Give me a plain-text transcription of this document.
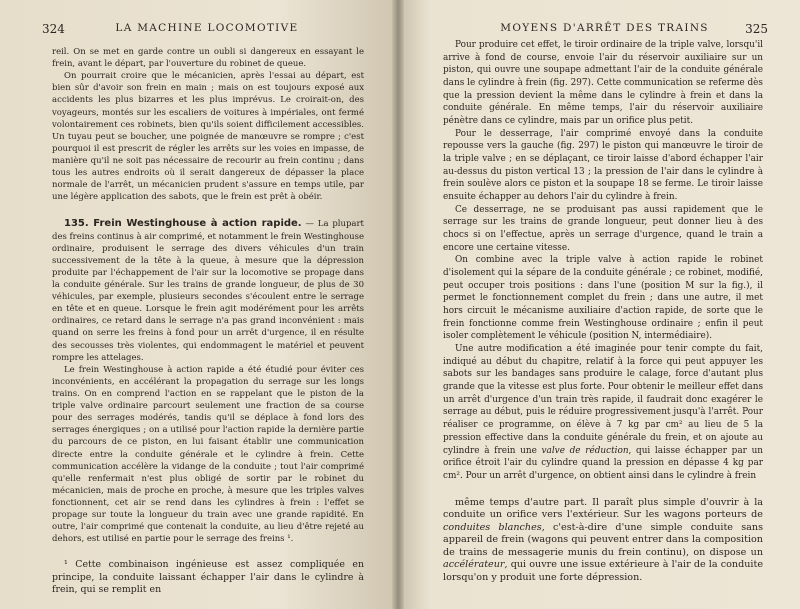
324	LA MACHINE LOCOMOTIVE

reil. On se met en garde contre un oubli si dangereux en essayant le frein, avant le départ, par l'ouverture du robinet de queue.

On pourrait croire que le mécanicien, après l'essai au départ, est bien sûr d'avoir son frein en main ; mais on est toujours exposé aux accidents les plus bizarres et les plus imprévus. Le croirait-on, des voyageurs, montés sur les escaliers de voitures à impériales, ont fermé volontairement ces robinets, bien qu'ils soient difficilement accessibles. Un tuyau peut se boucher, une poignée de manœuvre se rompre ; c'est pourquoi il est prescrit de régler les arrêts sur les voies en impasse, de manière qu'il ne soit pas nécessaire de recourir au frein continu ; dans tous les autres endroits où il serait dangereux de dépasser la place normale de l'arrêt, un mécanicien prudent s'assure en temps utile, par une légère application des sabots, que le frein est prêt à obéir.

135. Frein Westinghouse à action rapide. — La plupart des freins continus à air comprimé, et notamment le frein Westinghouse ordinaire, produisent le serrage des divers véhicules d'un train successivement de la tête à la queue, à mesure que la dépression produite par l'échappement de l'air sur la locomotive se propage dans la conduite générale. Sur les trains de grande longueur, de plus de 30 véhicules, par exemple, plusieurs secondes s'écoulent entre le serrage en tête et en queue. Lorsque le frein agit modérément pour les arrêts ordinaires, ce retard dans le serrage n'a pas grand inconvénient : mais quand on serre les freins à fond pour un arrêt d'urgence, il en résulte des secousses très violentes, qui endommagent le matériel et peuvent rompre les attelages.

Le frein Westinghouse à action rapide a été étudié pour éviter ces inconvénients, en accélérant la propagation du serrage sur les longs trains. On en comprend l'action en se rappelant que le piston de la triple valve ordinaire parcourt seulement une fraction de sa course pour des serrages modérés, tandis qu'il se déplace à fond lors des serrages énergiques ; on a utilisé pour l'action rapide la dernière partie du parcours de ce piston, en lui faisant établir une communication directe entre la conduite générale et le cylindre à frein. Cette communication accélère la vidange de la conduite ; tout l'air comprimé qu'elle renfermait n'est plus obligé de sortir par le robinet du mécanicien, mais de proche en proche, à mesure que les triples valves fonctionnent, cet air se rend dans les cylindres à frein : l'effet se propage sur toute la longueur du train avec une grande rapidité. En outre, l'air comprimé que contenait la conduite, au lieu d'être rejeté au dehors, est utilisé en partie pour le serrage des freins ¹.

¹ Cette combinaison ingénieuse est assez compliquée en principe, la conduite laissant échapper l'air dans le cylindre à frein, qui se remplit en

MOYENS D'ARRÊT DES TRAINS	325

Pour produire cet effet, le tiroir ordinaire de la triple valve, lorsqu'il arrive à fond de course, envoie l'air du réservoir auxiliaire sur un piston, qui ouvre une soupape admettant l'air de la conduite générale dans le cylindre à frein (fig. 297). Cette communication se referme dès que la pression devient la même dans le cylindre à frein et dans la conduite générale. En même temps, l'air du réservoir auxiliaire pénètre dans ce cylindre, mais par un orifice plus petit.

Pour le desserrage, l'air comprimé envoyé dans la conduite repousse vers la gauche (fig. 297) le piston qui manœuvre le tiroir de la triple valve ; en se déplaçant, ce tiroir laisse d'abord échapper l'air au-dessus du piston vertical 13 ; la pression de l'air dans le cylindre à frein soulève alors ce piston et la soupape 18 se ferme. Le tiroir laisse ensuite échapper au dehors l'air du cylindre à frein.

Ce desserrage, ne se produisant pas aussi rapidement que le serrage sur les trains de grande longueur, peut donner lieu à des chocs si on l'effectue, après un serrage d'urgence, quand le train a encore une certaine vitesse.

On combine avec la triple valve à action rapide le robinet d'isolement qui la sépare de la conduite générale ; ce robinet, modifié, peut occuper trois positions : dans l'une (position M sur la fig.), il permet le fonctionnement complet du frein ; dans une autre, il met hors circuit le mécanisme auxiliaire d'action rapide, de sorte que le frein fonctionne comme frein Westinghouse ordinaire ; enfin il peut isoler complètement le véhicule (position N, intermédiaire).

Une autre modification a été imaginée pour tenir compte du fait, indiqué au début du chapitre, relatif à la force qui peut appuyer les sabots sur les bandages sans produire le calage, force d'autant plus grande que la vitesse est plus forte. Pour obtenir le meilleur effet dans un arrêt d'urgence d'un train très rapide, il faudrait donc exagérer le serrage au début, puis le réduire progressivement jusqu'à l'arrêt. Pour réaliser ce programme, on élève à 7 kg par cm² au lieu de 5 la pression effective dans la conduite générale du frein, et on ajoute au cylindre à frein une valve de réduction, qui laisse échapper par un orifice étroit l'air du cylindre quand la pression en dépasse 4 kg par cm². Pour un arrêt d'urgence, on obtient ainsi dans le cylindre à frein

même temps d'autre part. Il paraît plus simple d'ouvrir à la conduite un orifice vers l'extérieur. Sur les wagons porteurs de conduites blanches, c'est-à-dire d'une simple conduite sans appareil de frein (wagons qui peuvent entrer dans la composition de trains de messagerie munis du frein continu), on dispose un accélérateur, qui ouvre une issue extérieure à l'air de la conduite lorsqu'on y produit une forte dépression.
